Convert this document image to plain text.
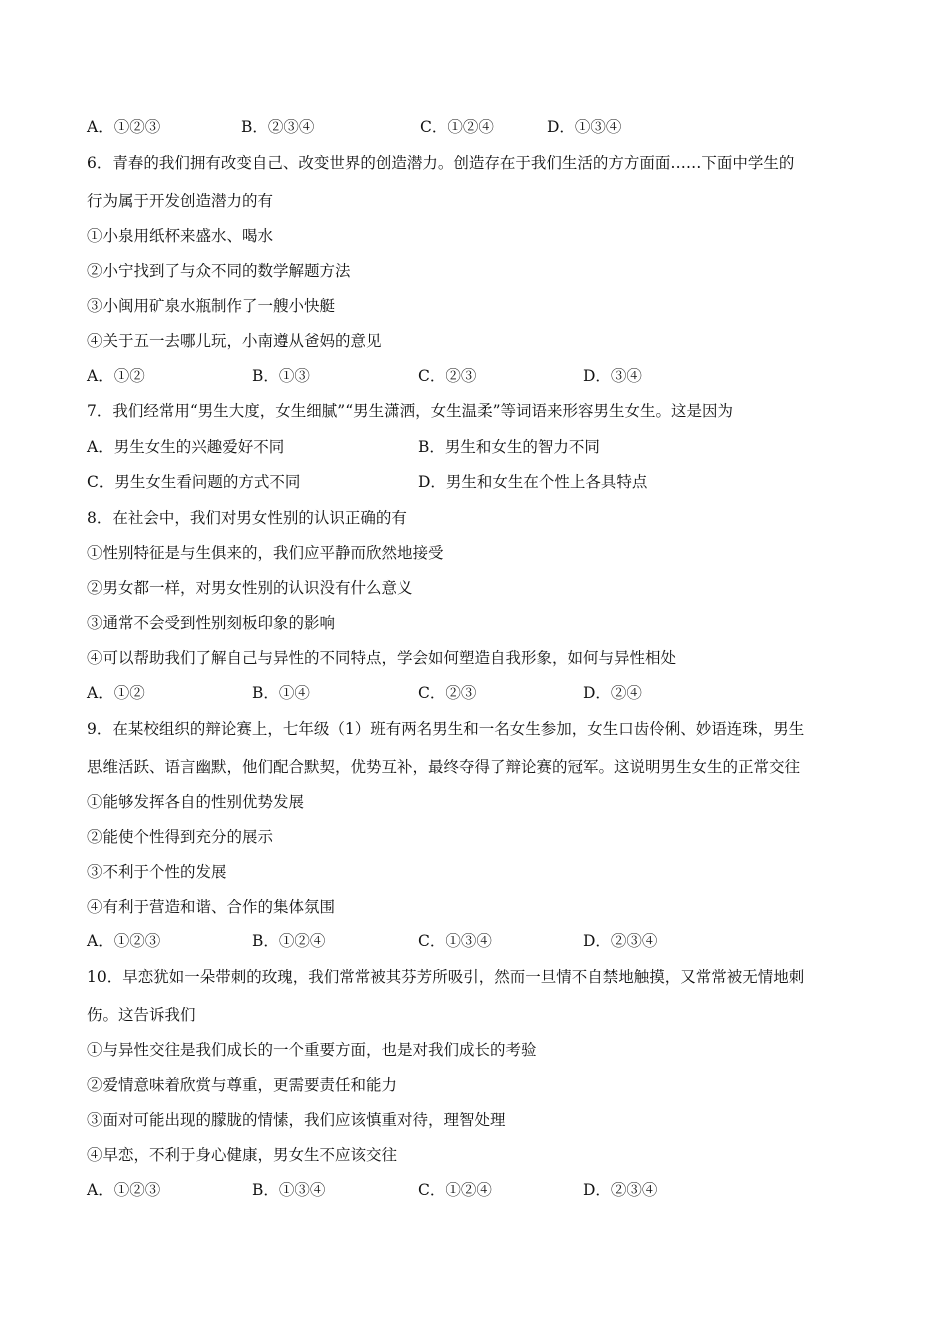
A．①②③	B．②③④	C．①②④	D．①③④
6．青春的我们拥有改变自己、改变世界的创造潜力。创造存在于我们生活的方方面面……下面中学生的
行为属于开发创造潜力的有
①小泉用纸杯来盛水、喝水
②小宁找到了与众不同的数学解题方法
③小闽用矿泉水瓶制作了一艘小快艇
④关于五一去哪儿玩，小南遵从爸妈的意见
A．①②	B．①③	C．②③	D．③④
7．我们经常用“男生大度，女生细腻”“男生潇洒，女生温柔”等词语来形容男生女生。这是因为
A．男生女生的兴趣爱好不同	B．男生和女生的智力不同
C．男生女生看问题的方式不同	D．男生和女生在个性上各具特点
8．在社会中，我们对男女性别的认识正确的有
①性别特征是与生俱来的，我们应平静而欣然地接受
②男女都一样，对男女性别的认识没有什么意义
③通常不会受到性别刻板印象的影响
④可以帮助我们了解自己与异性的不同特点，学会如何塑造自我形象，如何与异性相处
A．①②	B．①④	C．②③	D．②④
9．在某校组织的辩论赛上，七年级（1）班有两名男生和一名女生参加，女生口齿伶俐、妙语连珠，男生
思维活跃、语言幽默，他们配合默契，优势互补，最终夺得了辩论赛的冠军。这说明男生女生的正常交往
①能够发挥各自的性别优势发展
②能使个性得到充分的展示
③不利于个性的发展
④有利于营造和谐、合作的集体氛围
A．①②③	B．①②④	C．①③④	D．②③④
10．早恋犹如一朵带刺的玫瑰，我们常常被其芬芳所吸引，然而一旦情不自禁地触摸，又常常被无情地刺
伤。这告诉我们
①与异性交往是我们成长的一个重要方面，也是对我们成长的考验
②爱情意味着欣赏与尊重，更需要责任和能力
③面对可能出现的朦胧的情愫，我们应该慎重对待，理智处理
④早恋，不利于身心健康，男女生不应该交往
A．①②③	B．①③④	C．①②④	D．②③④
